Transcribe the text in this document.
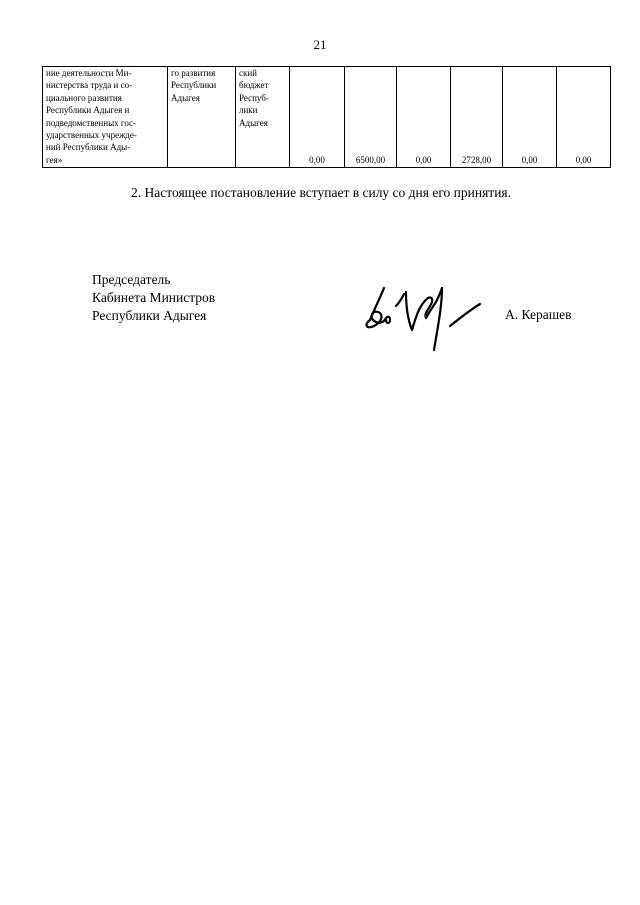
21
ние деятельности Ми-
нистерства труда и со-
циального развития
Республики Адыгея и
подведомственных гос-
ударственных учрежде-
ний Республики Ады-
гея»

го развития
Республики
Адыгея

ский
бюджет
Респуб-
лики
Адыгея
	0,00	6500,00	0,00	2728,00	0,00	0,00
2. Настоящее постановление вступает в силу со дня его принятия.
Председатель
Кабинета Министров
Республики Адыгея	А. Керашев
